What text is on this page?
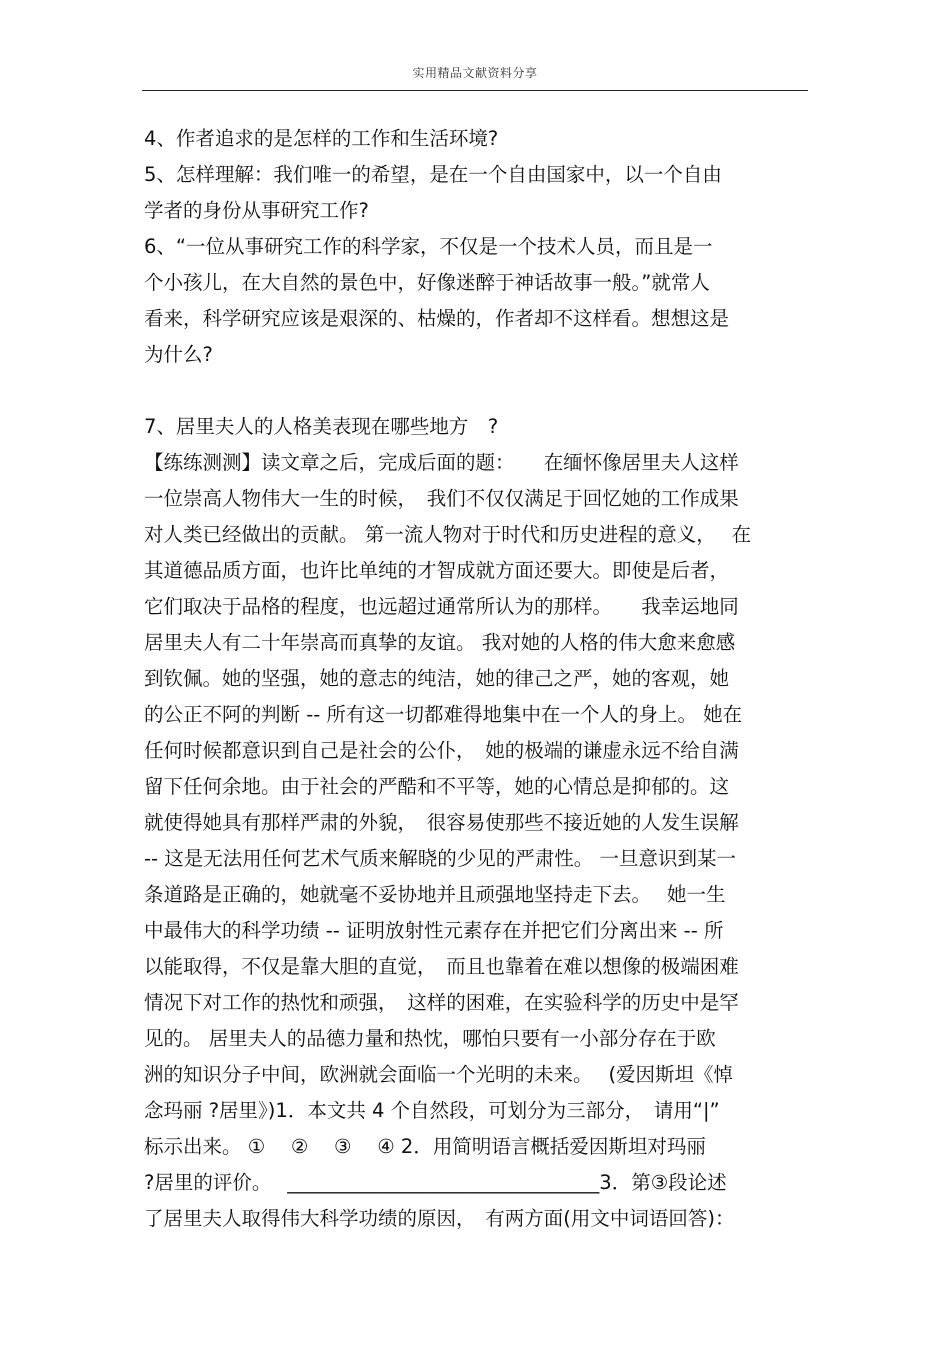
实用精品文献资料分享
4、作者追求的是怎样的工作和生活环境?
5、怎样理解：我们唯一的希望，是在一个自由国家中，以一个自由
学者的身份从事研究工作?
6、“一位从事研究工作的科学家，不仅是一个技术人员，而且是一
个小孩儿，在大自然的景色中，好像迷醉于神话故事一般。”就常人
看来，科学研究应该是艰深的、枯燥的，作者却不这样看。想想这是
为什么?
7、居里夫人的人格美表现在哪些地方　?
【练练测测】读文章之后，完成后面的题：　　在缅怀像居里夫人这样
一位崇高人物伟大一生的时候，　我们不仅仅满足于回忆她的工作成果
对人类已经做出的贡献。 第一流人物对于时代和历史进程的意义，　 在
其道德品质方面，也许比单纯的才智成就方面还要大。即使是后者，
它们取决于品格的程度，也远超过通常所认为的那样。　　我幸运地同
居里夫人有二十年崇高而真挚的友谊。 我对她的人格的伟大愈来愈感
到钦佩。她的坚强，她的意志的纯洁，她的律己之严，她的客观，她
的公正不阿的判断 -- 所有这一切都难得地集中在一个人的身上。 她在
任何时候都意识到自己是社会的公仆，　她的极端的谦虚永远不给自满
留下任何余地。由于社会的严酷和不平等，她的心情总是抑郁的。这
就使得她具有那样严肃的外貌，　很容易使那些不接近她的人发生误解
-- 这是无法用任何艺术气质来解晓的少见的严肃性。 一旦意识到某一
条道路是正确的，她就毫不妥协地并且顽强地坚持走下去。　 她一生
中最伟大的科学功绩 -- 证明放射性元素存在并把它们分离出来 -- 所
以能取得，不仅是靠大胆的直觉，　而且也靠着在难以想像的极端困难
情况下对工作的热忱和顽强，　这样的困难，在实验科学的历史中是罕
见的。 居里夫人的品德力量和热忱，哪怕只要有一小部分存在于欧
洲的知识分子中间，欧洲就会面临一个光明的未来。　 (爱因斯坦《悼
念玛丽 ?居里》)1．本文共 4 个自然段，可划分为三部分，　请用“|”
标示出来。 ①　 ②　 ③　 ④ 2．用简明语言概括爱因斯坦对玛丽
?居里的评价。　 ________________________________3．第③段论述
了居里夫人取得伟大科学功绩的原因，　有两方面(用文中词语回答)：
